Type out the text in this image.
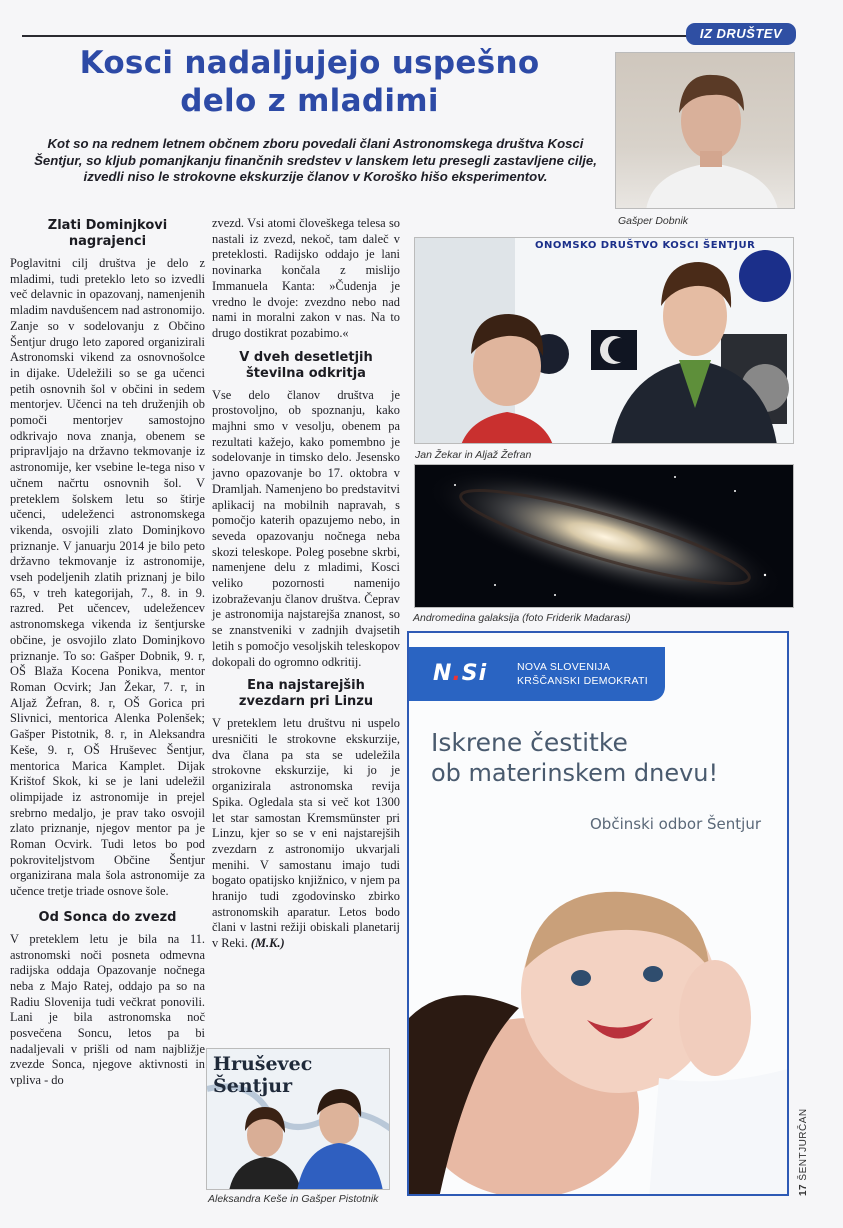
IZ DRUŠTEV
Kosci nadaljujejo uspešno
delo z mladimi
Kot so na rednem letnem občnem zboru povedali člani Astronomskega društva Kosci Šentjur, so kljub pomanjkanju finančnih sredstev v lanskem letu presegli zastavljene cilje, izvedli niso le strokovne ekskurzije članov v Koroško hišo eksperimentov.
Gašper Dobnik
ONOMSKO DRUŠTVO KOSCI ŠENTJUR
Jan Žekar in Aljaž Žefran
Andromedina galaksija (foto Friderik Madarasi)
Hruševec Šentjur
Aleksandra Keše in Gašper Pistotnik
Zlati Dominjkovi nagrajenci

Poglavitni cilj društva je delo z mladimi, tudi preteklo leto so izvedli več delavnic in opazovanj, namenjenih mladim navdušencem nad astronomijo. Zanje so v sodelovanju z Občino Šentjur drugo leto zapored organizirali Astronomski vikend za osnovnošolce in dijake. Udeležili so se ga učenci petih osnovnih šol v občini in sedem mentorjev. Učenci na teh druženjih ob pomoči mentorjev samostojno odkrivajo nova znanja, obenem se pripravljajo na državno tekmovanje iz astronomije, ker vsebine le-tega niso v učnem načrtu osnovnih šol. V preteklem šolskem letu so štirje učenci, udeleženci astronomskega vikenda, osvojili zlato Dominjkovo priznanje. V januarju 2014 je bilo peto državno tekmovanje iz astronomije, vseh podeljenih zlatih priznanj je bilo 65, v treh kategorijah, 7., 8. in 9. razred. Pet učencev, udeležencev astronomskega vikenda iz šentjurske občine, je osvojilo zlato Dominjkovo priznanje. To so: Gašper Dobnik, 9. r, OŠ Blaža Kocena Ponikva, mentor Roman Ocvirk; Jan Žekar, 7. r, in Aljaž Žefran, 8. r, OŠ Gorica pri Slivnici, mentorica Alenka Polenšek; Gašper Pistotnik, 8. r, in Aleksandra Keše, 9. r, OŠ Hruševec Šentjur, mentorica Marica Kamplet. Dijak Krištof Skok, ki se je lani udeležil olimpijade iz astronomije in prejel srebrno medaljo, je prav tako osvojil zlato priznanje, njegov mentor pa je Roman Ocvirk. Tudi letos bo pod pokroviteljstvom Občine Šentjur organizirana mala šola astronomije za učence tretje triade osnove šole.

Od Sonca do zvezd

V preteklem letu je bila na 11. astronomski noči posneta odmevna radijska oddaja Opazovanje nočnega neba z Majo Ratej, oddajo pa so na Radiu Slovenija tudi večkrat ponovili. Lani je bila astronomska noč posvečena Soncu, letos pa bi nadaljevali v prišli od nam najbližje zvezde Sonca, njegove aktivnosti in vpliva - do

zvezd. Vsi atomi človeškega telesa so nastali iz zvezd, nekoč, tam daleč v preteklosti. Radijsko oddajo je lani novinarka končala z mislijo Immanuela Kanta: »Čudenja je vredno le dvoje: zvezdno nebo nad nami in moralni zakon v nas. Na to drugo dostikrat pozabimo.«

V dveh desetletjih številna odkritja

Vse delo članov društva je prostovoljno, ob spoznanju, kako majhni smo v vesolju, obenem pa rezultati kažejo, kako pomembno je sodelovanje in timsko delo. Jesensko javno opazovanje bo 17. oktobra v Dramljah. Namenjeno bo predstavitvi aplikacij na mobilnih napravah, s pomočjo katerih opazujemo nebo, in seveda opazovanju nočnega neba skozi teleskope. Poleg posebne skrbi, namenjene delu z mladimi, Kosci veliko pozornosti namenijo izobraževanju članov društva. Čeprav je astronomija najstarejša znanost, so se znanstveniki v zadnjih dvajsetih letih s pomočjo vesoljskih teleskopov dokopali do ogromno odkritij.

Ena najstarejših zvezdarn pri Linzu

V preteklem letu društvu ni uspelo uresničiti le strokovne ekskurzije, dva člana pa sta se udeležila strokovne ekskurzije, ki jo je organizirala astronomska revija Spika. Ogledala sta si več kot 1300 let star samostan Kremsmünster pri Linzu, kjer so se v eni najstarejših zvezdarn z astronomijo ukvarjali menihi. V samostanu imajo tudi bogato opatijsko knjižnico, v njem pa hranijo tudi zgodovinsko zbirko astronomskih aparatur. Letos bodo člani v lastni režiji obiskali planetarij v Reki. (M.K.)

N.Si	NOVA SLOVENIJA
KRŠČANSKI DEMOKRATI
Iskrene čestitke
ob materinskem dnevu!
Občinski odbor Šentjur
17 ŠENTJURČAN
